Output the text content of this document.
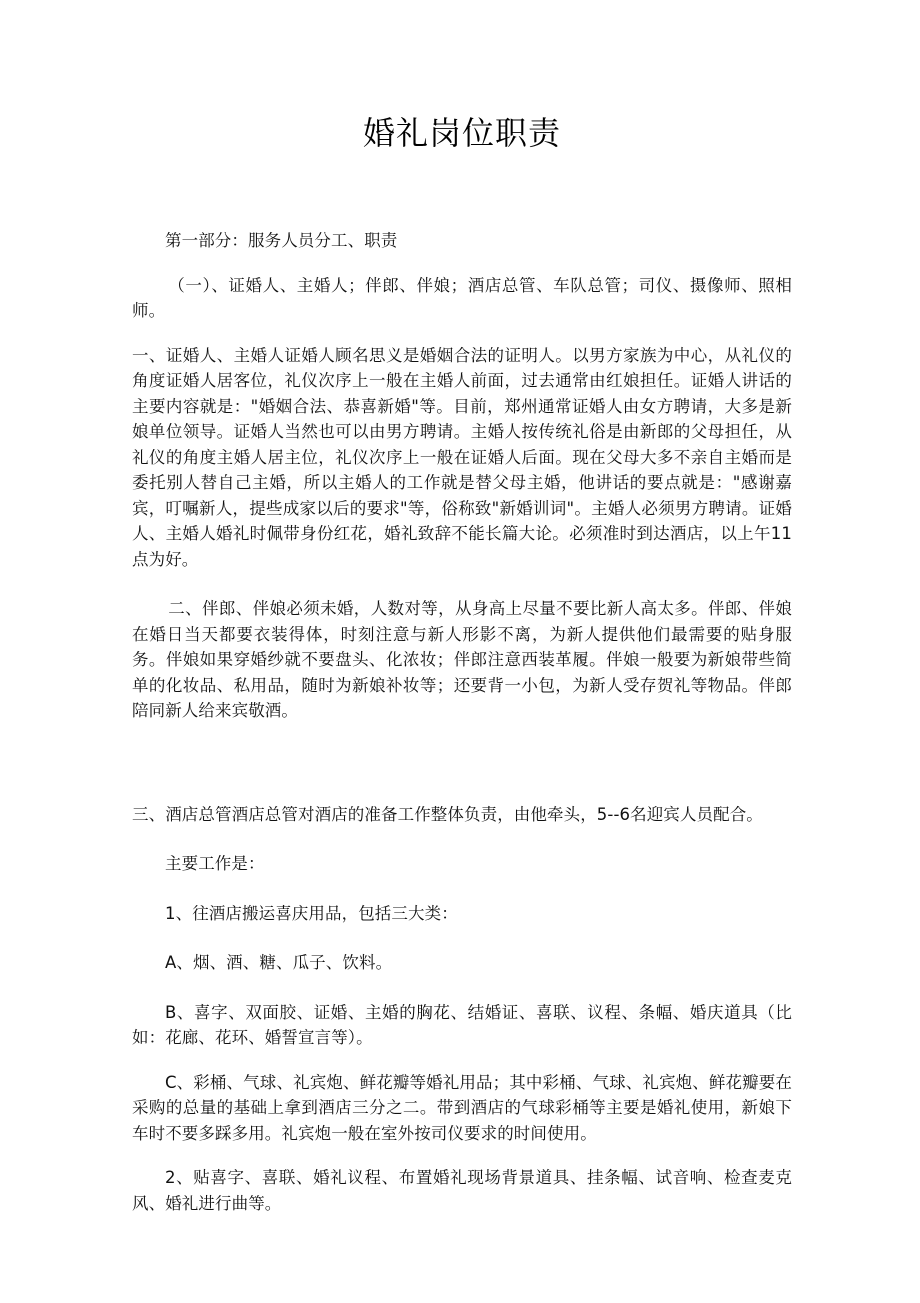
婚礼岗位职责

第一部分：服务人员分工、职责

（一）、证婚人、主婚人；伴郎、伴娘；酒店总管、车队总管；司仪、摄像师、照相师。

一、证婚人、主婚人证婚人顾名思义是婚姻合法的证明人。以男方家族为中心，从礼仪的角度证婚人居客位，礼仪次序上一般在主婚人前面，过去通常由红娘担任。证婚人讲话的主要内容就是："婚姻合法、恭喜新婚"等。目前，郑州通常证婚人由女方聘请，大多是新娘单位领导。证婚人当然也可以由男方聘请。主婚人按传统礼俗是由新郎的父母担任，从礼仪的角度主婚人居主位，礼仪次序上一般在证婚人后面。现在父母大多不亲自主婚而是委托别人替自己主婚，所以主婚人的工作就是替父母主婚，他讲话的要点就是："感谢嘉宾，叮嘱新人，提些成家以后的要求"等，俗称致"新婚训词"。主婚人必须男方聘请。证婚人、主婚人婚礼时佩带身份红花，婚礼致辞不能长篇大论。必须准时到达酒店，以上午11点为好。

二、伴郎、伴娘必须未婚，人数对等，从身高上尽量不要比新人高太多。伴郎、伴娘在婚日当天都要衣装得体，时刻注意与新人形影不离，为新人提供他们最需要的贴身服务。伴娘如果穿婚纱就不要盘头、化浓妆；伴郎注意西装革履。伴娘一般要为新娘带些简单的化妆品、私用品，随时为新娘补妆等；还要背一小包，为新人受存贺礼等物品。伴郎陪同新人给来宾敬酒。

三、酒店总管酒店总管对酒店的准备工作整体负责，由他牵头，5--6名迎宾人员配合。

主要工作是：

1、往酒店搬运喜庆用品，包括三大类：

A、烟、酒、糖、瓜子、饮料。

B、喜字、双面胶、证婚、主婚的胸花、结婚证、喜联、议程、条幅、婚庆道具（比如：花廊、花环、婚誓宣言等）。

C、彩桶、气球、礼宾炮、鲜花瓣等婚礼用品；其中彩桶、气球、礼宾炮、鲜花瓣要在采购的总量的基础上拿到酒店三分之二。带到酒店的气球彩桶等主要是婚礼使用，新娘下车时不要多踩多用。礼宾炮一般在室外按司仪要求的时间使用。

2、贴喜字、喜联、婚礼议程、布置婚礼现场背景道具、挂条幅、试音响、检查麦克风、婚礼进行曲等。
